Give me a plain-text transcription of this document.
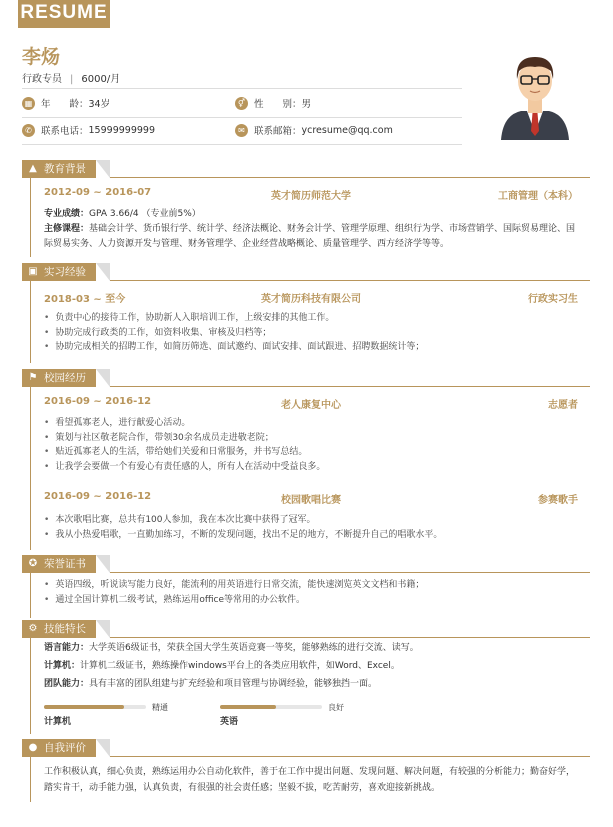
RESUME
李炀
行政专员 | 6000/月
▦ 年　　龄： 34岁	⚥ 性　　别： 男
✆ 联系电话： 15999999999	✉ 联系邮箱： ycresume@qq.com
▲ 教育背景
2012-09 ~ 2016-07	英才简历师范大学	工商管理（本科）
专业成绩：GPA 3.66/4 （专业前5%）
主修课程：基础会计学、货币银行学、统计学、经济法概论、财务会计学、管理学原理、组织行为学、市场营销学、国际贸易理论、国际贸易实务、人力资源开发与管理、财务管理学、企业经营战略概论、质量管理学、西方经济学等等。
▣ 实习经验
2018-03 ~ 至今	英才简历科技有限公司	行政实习生
• 负责中心的接待工作，协助新人入职培训工作，上级安排的其他工作。
• 协助完成行政类的工作，如资料收集、审核及归档等；
• 协助完成相关的招聘工作，如简历筛选、面试邀约、面试安排、面试跟进、招聘数据统计等；
⚑ 校园经历
2016-09 ~ 2016-12	老人康复中心	志愿者
• 看望孤寡老人，进行献爱心活动。
• 策划与社区敬老院合作，带领30余名成员走进敬老院；
• 贴近孤寡老人的生活，带给她们关爱和日常服务，并书写总结。
• 让我学会要做一个有爱心有责任感的人，所有人在活动中受益良多。
2016-09 ~ 2016-12	校园歌唱比赛	参赛歌手
• 本次歌唱比赛，总共有100人参加，我在本次比赛中获得了冠军。
• 我从小热爱唱歌，一直勤加练习，不断的发现问题，找出不足的地方，不断提升自己的唱歌水平。
✪ 荣誉证书
• 英语四级，听说读写能力良好，能流利的用英语进行日常交流，能快速浏览英文文档和书籍；
• 通过全国计算机二级考试，熟练运用office等常用的办公软件。
⚙ 技能特长
语言能力：大学英语6级证书，荣获全国大学生英语竞赛一等奖，能够熟练的进行交流、读写。
计算机：计算机二级证书，熟练操作windows平台上的各类应用软件，如Word、Excel。
团队能力：具有丰富的团队组建与扩充经验和项目管理与协调经验，能够独挡一面。
精通
计算机
良好
英语
● 自我评价
工作积极认真，细心负责，熟练运用办公自动化软件，善于在工作中提出问题、发现问题、解决问题，有较强的分析能力；勤奋好学，踏实肯干，动手能力强，认真负责，有很强的社会责任感；坚毅不拔，吃苦耐劳，喜欢迎接新挑战。
